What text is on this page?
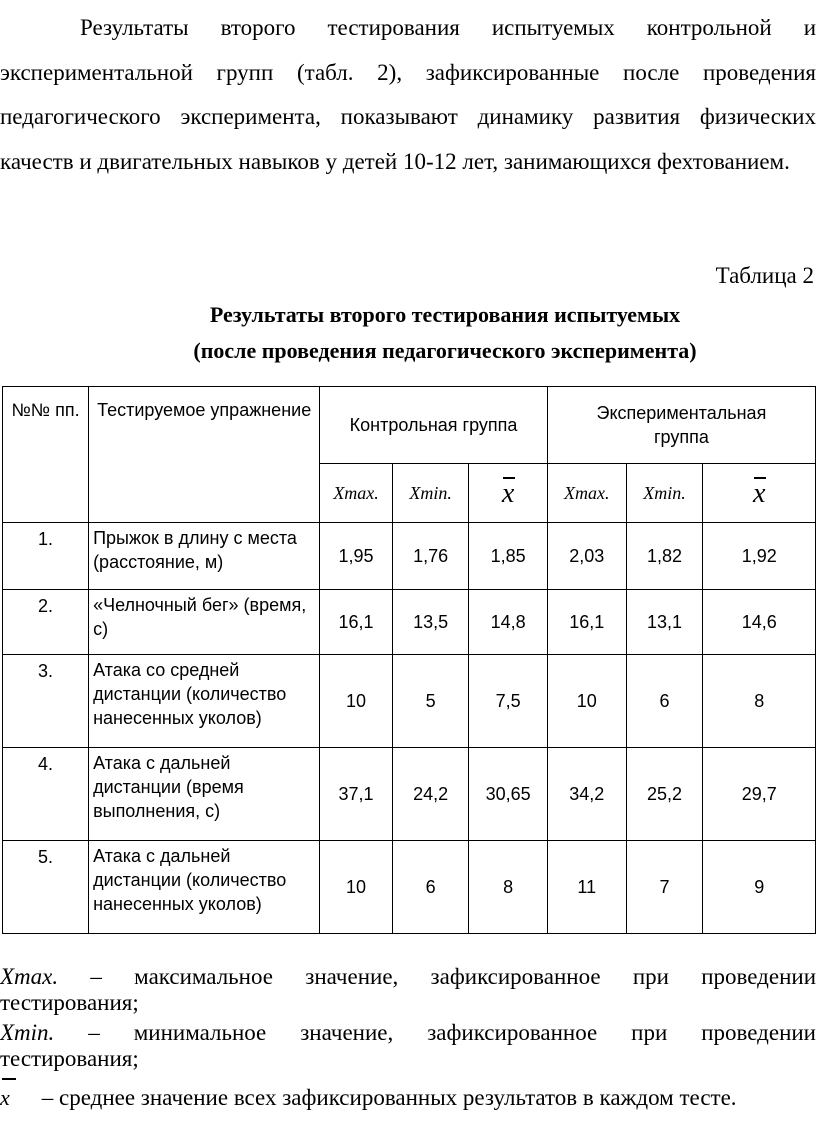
Результаты второго тестирования испытуемых контрольной и экспериментальной групп (табл. 2), зафиксированные после проведения педагогического эксперимента, показывают динамику развития физических качеств и двигательных навыков у детей 10-12 лет, занимающихся фехтованием.

Таблица 2
Результаты второго тестирования испытуемых
(после проведения педагогического эксперимента)
№№ пп.	Тестируемое упражнение	Контрольная группа			Экспериментальная группа		
		Xmax.	Xmin.	x	Xmax.	Xmin.	x
1.	Прыжок в длину с места (расстояние, м)	1,95	1,76	1,85	2,03	1,82	1,92
2.	«Челночный бег» (время, с)	16,1	13,5	14,8	16,1	13,1	14,6
3.	Атака со средней дистанции (количество нанесенных уколов)	10	5	7,5	10	6	8
4.	Атака с дальней дистанции (время выполнения, с)	37,1	24,2	30,65	34,2	25,2	29,7
5.	Атака с дальней дистанции (количество нанесенных уколов)	10	6	8	11	7	9
Xmax. – максимальное значение, зафиксированное при проведении
тестирования;
Xmin. – минимальное значение, зафиксированное при проведении
тестирования;
x – среднее значение всех зафиксированных результатов в каждом тесте.
